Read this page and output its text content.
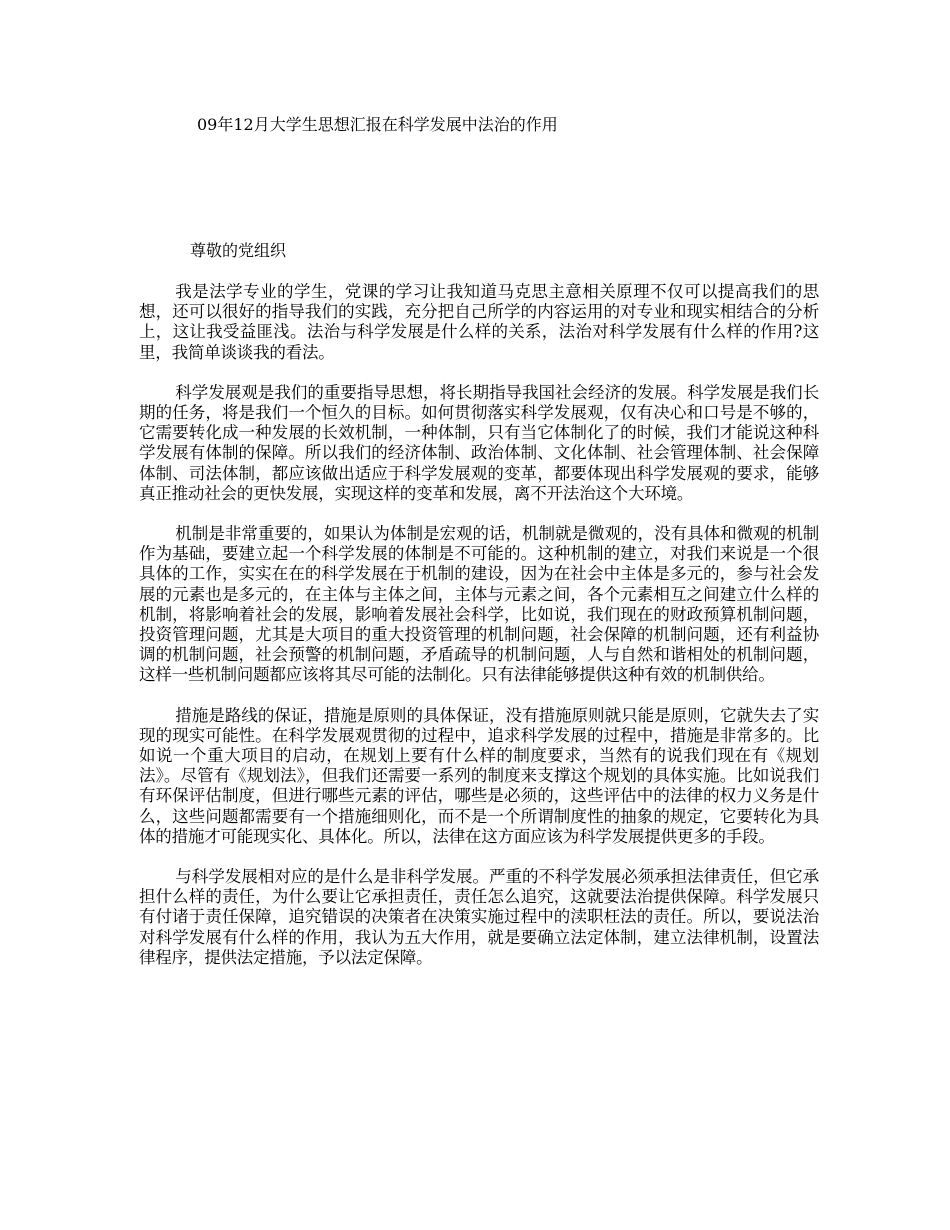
09年12月大学生思想汇报在科学发展中法治的作用

尊敬的党组织

我是法学专业的学生，党课的学习让我知道马克思主意相关原理不仅可以提高我们的思想，还可以很好的指导我们的实践，充分把自己所学的内容运用的对专业和现实相结合的分析上，这让我受益匪浅。法治与科学发展是什么样的关系，法治对科学发展有什么样的作用?这里，我简单谈谈我的看法。

科学发展观是我们的重要指导思想，将长期指导我国社会经济的发展。科学发展是我们长期的任务，将是我们一个恒久的目标。如何贯彻落实科学发展观，仅有决心和口号是不够的，它需要转化成一种发展的长效机制，一种体制，只有当它体制化了的时候，我们才能说这种科学发展有体制的保障。所以我们的经济体制、政治体制、文化体制、社会管理体制、社会保障体制、司法体制，都应该做出适应于科学发展观的变革，都要体现出科学发展观的要求，能够真正推动社会的更快发展，实现这样的变革和发展，离不开法治这个大环境。

机制是非常重要的，如果认为体制是宏观的话，机制就是微观的，没有具体和微观的机制作为基础，要建立起一个科学发展的体制是不可能的。这种机制的建立，对我们来说是一个很具体的工作，实实在在的科学发展在于机制的建设，因为在社会中主体是多元的，参与社会发展的元素也是多元的，在主体与主体之间，主体与元素之间，各个元素相互之间建立什么样的机制，将影响着社会的发展，影响着发展社会科学，比如说，我们现在的财政预算机制问题，投资管理问题，尤其是大项目的重大投资管理的机制问题，社会保障的机制问题，还有利益协调的机制问题，社会预警的机制问题，矛盾疏导的机制问题，人与自然和谐相处的机制问题，这样一些机制问题都应该将其尽可能的法制化。只有法律能够提供这种有效的机制供给。

措施是路线的保证，措施是原则的具体保证，没有措施原则就只能是原则，它就失去了实现的现实可能性。在科学发展观贯彻的过程中，追求科学发展的过程中，措施是非常多的。比如说一个重大项目的启动，在规划上要有什么样的制度要求，当然有的说我们现在有《规划法》。尽管有《规划法》，但我们还需要一系列的制度来支撑这个规划的具体实施。比如说我们有环保评估制度，但进行哪些元素的评估，哪些是必须的，这些评估中的法律的权力义务是什么，这些问题都需要有一个措施细则化，而不是一个所谓制度性的抽象的规定，它要转化为具体的措施才可能现实化、具体化。所以，法律在这方面应该为科学发展提供更多的手段。

与科学发展相对应的是什么是非科学发展。严重的不科学发展必须承担法律责任，但它承担什么样的责任，为什么要让它承担责任，责任怎么追究，这就要法治提供保障。科学发展只有付诸于责任保障，追究错误的决策者在决策实施过程中的渎职枉法的责任。所以，要说法治对科学发展有什么样的作用，我认为五大作用，就是要确立法定体制，建立法律机制，设置法律程序，提供法定措施，予以法定保障。
